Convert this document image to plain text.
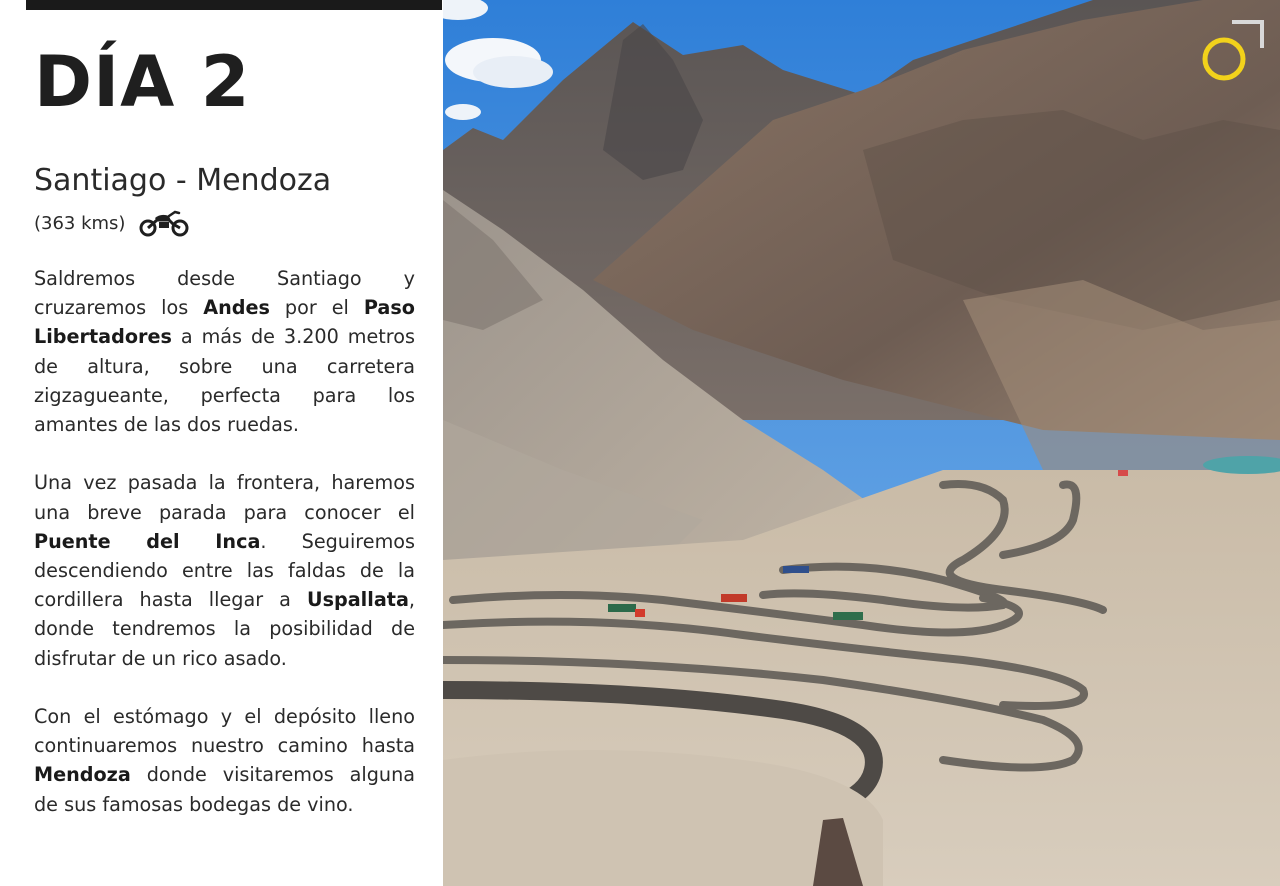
DÍA 2
Santiago - Mendoza
(363 kms)

Saldremos desde Santiago y cruzaremos los Andes por el Paso Libertadores a más de 3.200 metros de altura, sobre una carretera zigzagueante, perfecta para los amantes de las dos ruedas.

Una vez pasada la frontera, haremos una breve parada para conocer el Puente del Inca. Seguiremos descendiendo entre las faldas de la cordillera hasta llegar a Uspallata, donde tendremos la posibilidad de disfrutar de un rico asado.

Con el estómago y el depósito lleno continuaremos nuestro camino hasta Mendoza donde visitaremos alguna de sus famosas bodegas de vino.
